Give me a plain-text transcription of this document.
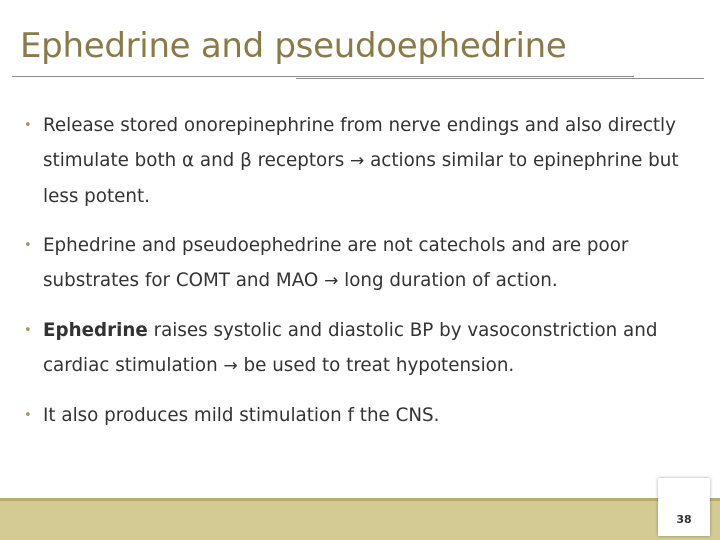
Ephedrine and pseudoephedrine
• Release stored onorepinephrine from nerve endings and also directly stimulate both α and β receptors → actions similar to epinephrine but less potent.
• Ephedrine and pseudoephedrine are not catechols and are poor substrates for COMT and MAO → long duration of action.
• Ephedrine raises systolic and diastolic BP by vasoconstriction and cardiac stimulation → be used to treat hypotension.
• It also produces mild stimulation f the CNS.
38
